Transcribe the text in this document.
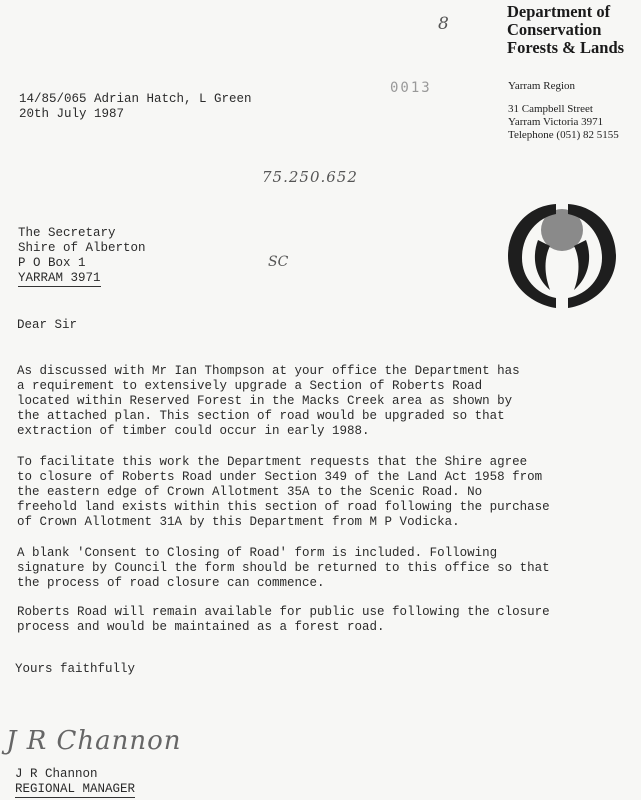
Department of
Conservation
Forests & Lands
Yarram Region
31 Campbell Street
Yarram Victoria 3971
Telephone (051) 82 5155
8
0013
75.250.652
SC
14/85/065 Adrian Hatch, L Green
20th July 1987
The Secretary
Shire of Alberton
P O Box 1
YARRAM 3971
Dear Sir
As discussed with Mr Ian Thompson at your office the Department has
a requirement to extensively upgrade a Section of Roberts Road
located within Reserved Forest in the Macks Creek area as shown by
the attached plan. This section of road would be upgraded so that
extraction of timber could occur in early 1988.
To facilitate this work the Department requests that the Shire agree
to closure of Roberts Road under Section 349 of the Land Act 1958 from
the eastern edge of Crown Allotment 35A to the Scenic Road. No
freehold land exists within this section of road following the purchase
of Crown Allotment 31A by this Department from M P Vodicka.
A blank 'Consent to Closing of Road' form is included. Following
signature by Council the form should be returned to this office so that
the process of road closure can commence.
Roberts Road will remain available for public use following the closure
process and would be maintained as a forest road.
Yours faithfully
J R Channon
J R Channon
REGIONAL MANAGER
